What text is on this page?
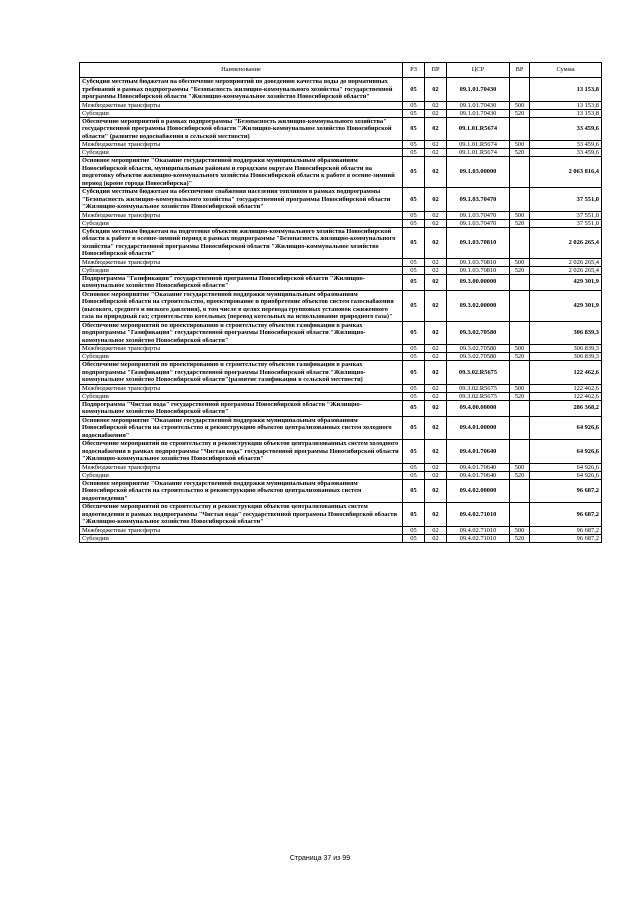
Наименование	РЗ	ПР	ЦСР	ВР	Сумма
Субсидии местным бюджетам на обеспечение мероприятий по доведению качества воды до нормативных требований в рамках подпрограммы "Безопасность жилищно-коммунального хозяйства" государственной программы Новосибирской области "Жилищно-коммунальное хозяйство Новосибирской области"	05	02	09.1.01.70430		13 153,8
Межбюджетные трансферты	05	02	09.1.01.70430	500	13 153,8
Субсидии	05	02	09.1.01.70430	520	13 153,8
Обеспечение мероприятий в рамках подпрограммы "Безопасность жилищно-коммунального хозяйства" государственной программы Новосибирской области "Жилищно-коммунальное хозяйство Новосибирской области" (развитие водоснабжения в сельской местности)	05	02	09.1.01.R5674		33 459,6
Межбюджетные трансферты	05	02	09.1.01.R5674	500	33 459,6
Субсидии	05	02	09.1.01.R5674	520	33 459,6
Основное мероприятие "Оказание государственной поддержки муниципальным образованиям Новосибирской области, муниципальным районам и городским округам Новосибирской области на подготовку объектов жилищно-коммунального хозяйства Новосибирской области к работе в осенне-зимний период (кроме города Новосибирска)"	05	02	09.1.03.00000		2 063 816,4
Субсидии местным бюджетам на обеспечение снабжения населения топливом в рамках подпрограммы "Безопасность жилищно-коммунального хозяйства" государственной программы Новосибирской области "Жилищно-коммунальное хозяйство Новосибирской области"	05	02	09.1.03.70470		37 551,0
Межбюджетные трансферты	05	02	09.1.03.70470	500	37 551,0
Субсидии	05	02	09.1.03.70470	520	37 551,0
Субсидии местным бюджетам на подготовке объектов жилищно-коммунального хозяйства Новосибирской области к работе в осенне-зимний период в рамках подпрограммы "Безопасность жилищно-коммунального хозяйства" государственной программы Новосибирской области "Жилищно-коммунальное хозяйство Новосибирской области"	05	02	09.1.03.70810		2 026 265,4
Межбюджетные трансферты	05	02	09.1.03.70810	500	2 026 265,4
Субсидии	05	02	09.1.03.70810	520	2 026 265,4
Подпрограмма "Газификация" государственной программы Новосибирской области "Жилищно-коммунальное хозяйство Новосибирской области"	05	02	09.3.00.00000		429 301,9
Основное мероприятие "Оказание государственной поддержки муниципальным образованиям Новосибирской области на строительство, проектирование и приобретение объектов систем газоснабжения (высокого, среднего и низкого давления), в том числе в целях перевода групповых установок сжиженного газа на природный газ; строительство котельных (перевод котельных на использование природного газа)"	05	02	09.3.02.00000		429 301,9
Обеспечение мероприятий по проектированию и строительству объектов газификации в рамках подпрограммы "Газификация" государственной программы Новосибирской области "Жилищно-коммунальное хозяйство Новосибирской области"	05	02	09.3.02.70580		306 839,3
Межбюджетные трансферты	05	02	09.3.02.70580	500	306 839,3
Субсидии	05	02	09.3.02.70580	520	306 839,3
Обеспечение мероприятий по проектированию и строительству объектов газификации в рамках подпрограммы "Газификация" государственной программы Новосибирской области "Жилищно-коммунальное хозяйство Новосибирской области"(развитие газификации в сельской местности)	05	02	09.3.02.R5675		122 462,6
Межбюджетные трансферты	05	02	09.3.02.R5675	500	122 462,6
Субсидии	05	02	09.3.02.R5675	520	122 462,6
Подпрограмма "Чистая вода" государственной программы Новосибирской области "Жилищно-коммунальное хозяйство Новосибирской области"	05	02	09.4.00.00000		286 368,2
Основное мероприятие "Оказание государственной поддержки муниципальным образованиям Новосибирской области на строительство и реконструкцию объектов централизованных систем холодного водоснабжения"	05	02	09.4.01.00000		64 926,6
Обеспечение мероприятий по строительству и реконструкция объектов централизованных систем холодного водоснабжения в рамках подпрограммы "Чистая вода" государственной программы Новосибирской области "Жилищно-коммунальное хозяйство Новосибирской области"	05	02	09.4.01.70640		64 926,6
Межбюджетные трансферты	05	02	09.4.01.70640	500	64 926,6
Субсидии	05	02	09.4.01.70640	520	64 926,6
Основное мероприятие "Оказание государственной поддержки муниципальным образованиям Новосибирской области на строительство и реконструкцию объектов централизованных систем водоотведения"	05	02	09.4.02.00000		96 687,2
Обеспечение мероприятий по строительству и реконструкция объектов централизованных систем водоотведения в рамках подпрограммы "Чистая вода" государственной программы Новосибирской области "Жилищно-коммунальное хозяйство Новосибирской области"	05	02	09.4.02.71010		96 687,2
Межбюджетные трансферты	05	02	09.4.02.71010	500	96 687,2
Субсидии	05	02	09.4.02.71010	520	96 687,2
Страница 37 из 99
